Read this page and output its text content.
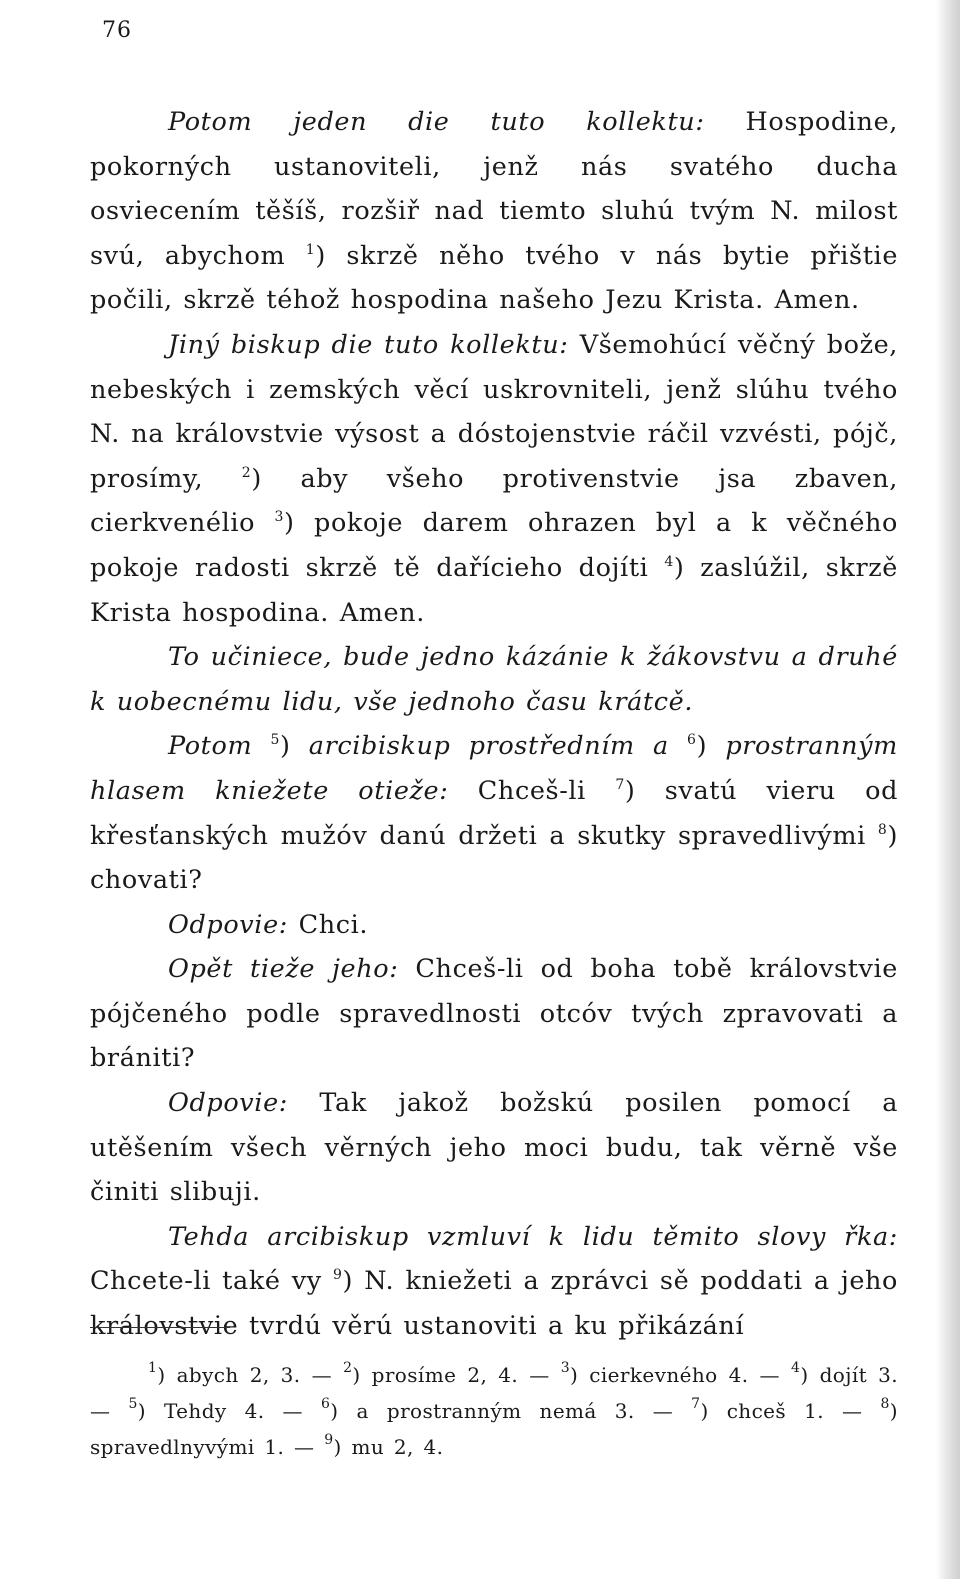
76

Potom jeden die tuto kollektu: Hospodine, pokorných ustanoviteli, jenž nás svatého ducha osviecením těšíš, rozšiř nad tiemto sluhú tvým N. milost svú, abychom $^1$) skrzě něho tvého v nás bytie přištie počili, skrzě téhož hospodina našeho Jezu Krista. Amen.

Jiný biskup die tuto kollektu: Všemohúcí věčný bože, nebeských i zemských věcí uskrovniteli, jenž slúhu tvého N. na královstvie výsost a dóstojenstvie ráčil vzvésti, pójč, prosímy, $^2$) aby všeho protivenstvie jsa zbaven, cierkvenélio $^3$) pokoje darem ohrazen byl a k věčného pokoje radosti skrzě tě dařícieho dojíti $^4$) zaslúžil, skrzě Krista hospodina. Amen.

To učiniece, bude jedno kázánie k žákovstvu a druhé k uobecnému lidu, vše jednoho času krátcě.

Potom $^5$) arcibiskup prostředním a $^6$) prostranným hlasem kniežete otieže: Chceš-li $^7$) svatú vieru od křesťanských mužóv danú držeti a skutky spravedlivými $^8$) chovati?

Odpovie: Chci.

Opět tieže jeho: Chceš-li od boha tobě královstvie pójčeného podle spravedlnosti otcóv tvých zpravovati a brániti?

Odpovie: Tak jakož božskú posilen pomocí a utěšením všech věrných jeho moci budu, tak věrně vše činiti slibuji.

Tehda arcibiskup vzmluví k lidu těmito slovy řka: Chcete-li také vy $^9$) N. kniežeti a zprávci sě poddati a jeho královstvie tvrdú věrú ustanoviti a ku přikázání

$^1$) abych 2, 3. — $^2$) prosíme 2, 4. — $^3$) cierkevného 4. — $^4$) dojít 3. — $^5$) Tehdy 4. — $^6$) a prostranným nemá 3. — $^7$) chceš 1. — $^8$) spravedlnyvými 1. — $^9$) mu 2, 4.
